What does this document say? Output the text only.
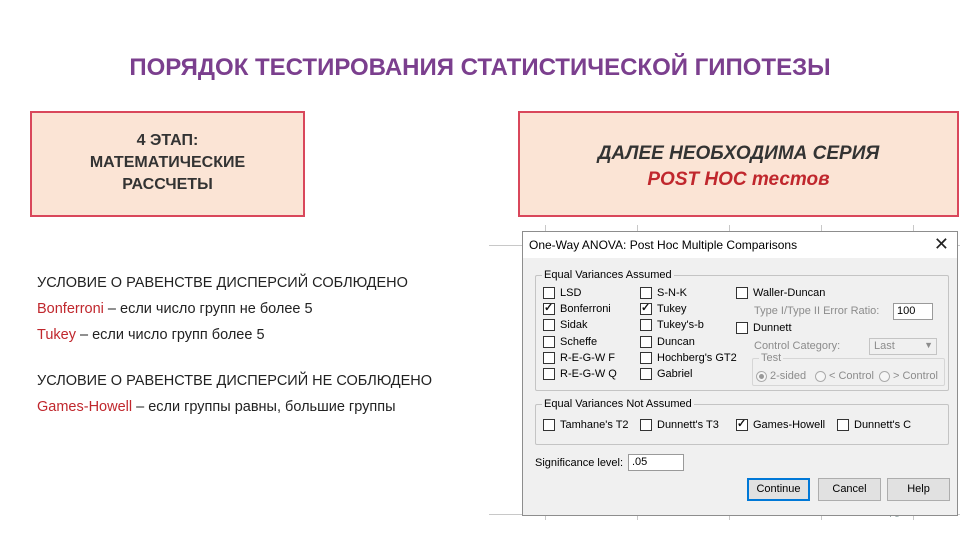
ПОРЯДОК ТЕСТИРОВАНИЯ СТАТИСТИЧЕСКОЙ ГИПОТЕЗЫ
4 ЭТАП:
МАТЕМАТИЧЕСКИЕ
РАССЧЕТЫ
ДАЛЕЕ НЕОБХОДИМА СЕРИЯ
POST HOC тестов
УСЛОВИЕ О РАВЕНСТВЕ ДИСПЕРСИЙ СОБЛЮДЕНО
Bonferroni – если число групп не более 5
Tukey – если число групп более 5
УСЛОВИЕ О РАВЕНСТВЕ ДИСПЕРСИЙ НЕ СОБЛЮДЕНО
Games-Howell – если группы равны, большие группы
One-Way ANOVA: Post Hoc Multiple Comparisons	✕
Equal Variances Assumed
LSD
✓
Bonferroni
Sidak
Scheffe
R-E-G-W F
R-E-G-W Q
S-N-K
✓
Tukey
Tukey's-b
Duncan
Hochberg's GT2
Gabriel
Waller-Duncan
Type I/Type II Error Ratio:	100
Dunnett
Control Category:	Last	▼
Test
2-sided < Control > Control
Equal Variances Not Assumed
Tamhane's T2	Dunnett's T3
✓	Games-Howell	Dunnett's C
Significance level: .05
Continue	Cancel	Help
